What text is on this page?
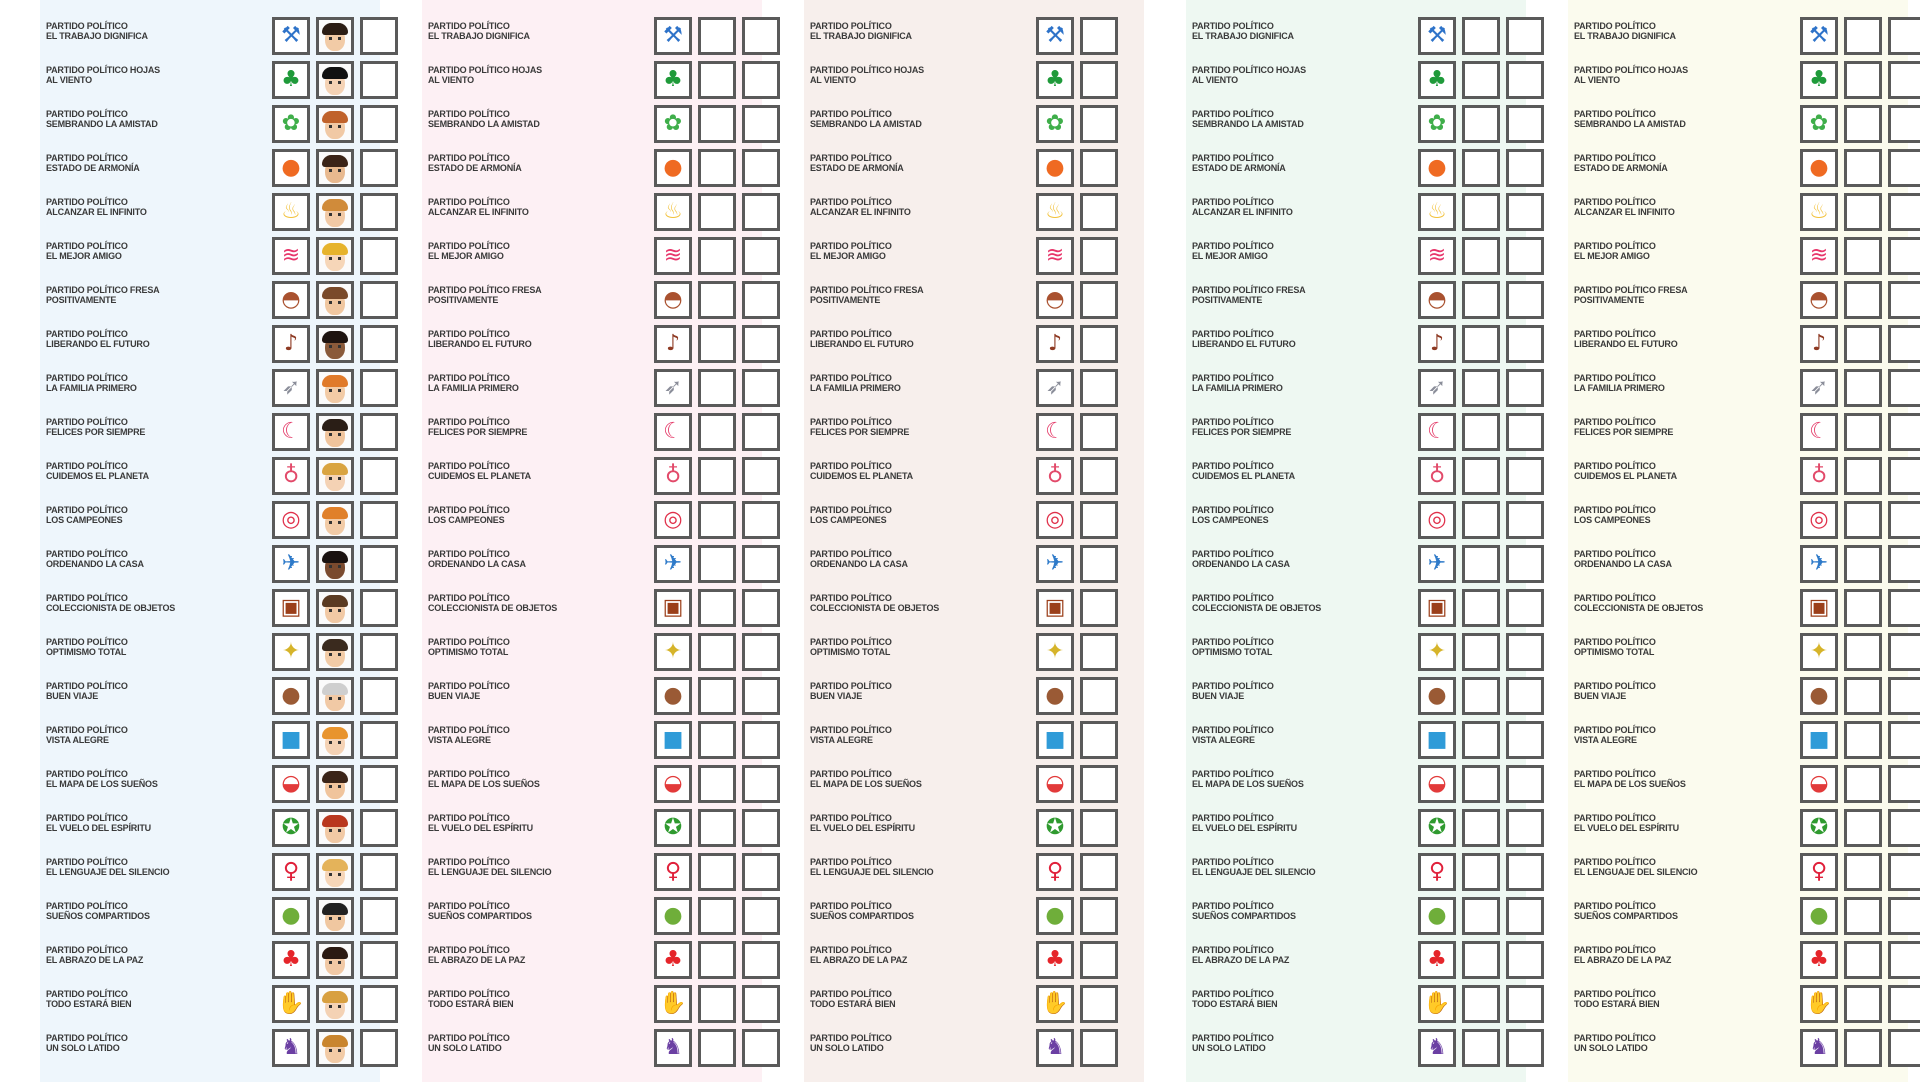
PARTIDO POLÍTICO
EL TRABAJO DIGNIFICA	⚒
PARTIDO POLÍTICO HOJAS
AL VIENTO	♣
PARTIDO POLÍTICO
SEMBRANDO LA AMISTAD	✿
PARTIDO POLÍTICO
ESTADO DE ARMONÍA	●
PARTIDO POLÍTICO
ALCANZAR EL INFINITO	♨
PARTIDO POLÍTICO
EL MEJOR AMIGO	≋
PARTIDO POLÍTICO FRESA
POSITIVAMENTE	◓
PARTIDO POLÍTICO
LIBERANDO EL FUTURO	♪
PARTIDO POLÍTICO
LA FAMILIA PRIMERO	➶
PARTIDO POLÍTICO
FELICES POR SIEMPRE	☾
PARTIDO POLÍTICO
CUIDEMOS EL PLANETA	♁
PARTIDO POLÍTICO
LOS CAMPEONES	◎
PARTIDO POLÍTICO
ORDENANDO LA CASA	✈
PARTIDO POLÍTICO
COLECCIONISTA DE OBJETOS	▣
PARTIDO POLÍTICO
OPTIMISMO TOTAL	✦
PARTIDO POLÍTICO
BUEN VIAJE	●
PARTIDO POLÍTICO
VISTA ALEGRE	■
PARTIDO POLÍTICO
EL MAPA DE LOS SUEÑOS	◒
PARTIDO POLÍTICO
EL VUELO DEL ESPÍRITU	✪
PARTIDO POLÍTICO
EL LENGUAJE DEL SILENCIO	♀
PARTIDO POLÍTICO
SUEÑOS COMPARTIDOS	●
PARTIDO POLÍTICO
EL ABRAZO DE LA PAZ	♣
PARTIDO POLÍTICO
TODO ESTARÁ BIEN	✋
PARTIDO POLÍTICO
UN SOLO LATIDO	♞
PARTIDO POLÍTICO
EL TRABAJO DIGNIFICA	⚒
PARTIDO POLÍTICO HOJAS
AL VIENTO	♣
PARTIDO POLÍTICO
SEMBRANDO LA AMISTAD	✿
PARTIDO POLÍTICO
ESTADO DE ARMONÍA	●
PARTIDO POLÍTICO
ALCANZAR EL INFINITO	♨
PARTIDO POLÍTICO
EL MEJOR AMIGO	≋
PARTIDO POLÍTICO FRESA
POSITIVAMENTE	◓
PARTIDO POLÍTICO
LIBERANDO EL FUTURO	♪
PARTIDO POLÍTICO
LA FAMILIA PRIMERO	➶
PARTIDO POLÍTICO
FELICES POR SIEMPRE	☾
PARTIDO POLÍTICO
CUIDEMOS EL PLANETA	♁
PARTIDO POLÍTICO
LOS CAMPEONES	◎
PARTIDO POLÍTICO
ORDENANDO LA CASA	✈
PARTIDO POLÍTICO
COLECCIONISTA DE OBJETOS	▣
PARTIDO POLÍTICO
OPTIMISMO TOTAL	✦
PARTIDO POLÍTICO
BUEN VIAJE	●
PARTIDO POLÍTICO
VISTA ALEGRE	■
PARTIDO POLÍTICO
EL MAPA DE LOS SUEÑOS	◒
PARTIDO POLÍTICO
EL VUELO DEL ESPÍRITU	✪
PARTIDO POLÍTICO
EL LENGUAJE DEL SILENCIO	♀
PARTIDO POLÍTICO
SUEÑOS COMPARTIDOS	●
PARTIDO POLÍTICO
EL ABRAZO DE LA PAZ	♣
PARTIDO POLÍTICO
TODO ESTARÁ BIEN	✋
PARTIDO POLÍTICO
UN SOLO LATIDO	♞
PARTIDO POLÍTICO
EL TRABAJO DIGNIFICA	⚒
PARTIDO POLÍTICO HOJAS
AL VIENTO	♣
PARTIDO POLÍTICO
SEMBRANDO LA AMISTAD	✿
PARTIDO POLÍTICO
ESTADO DE ARMONÍA	●
PARTIDO POLÍTICO
ALCANZAR EL INFINITO	♨
PARTIDO POLÍTICO
EL MEJOR AMIGO	≋
PARTIDO POLÍTICO FRESA
POSITIVAMENTE	◓
PARTIDO POLÍTICO
LIBERANDO EL FUTURO	♪
PARTIDO POLÍTICO
LA FAMILIA PRIMERO	➶
PARTIDO POLÍTICO
FELICES POR SIEMPRE	☾
PARTIDO POLÍTICO
CUIDEMOS EL PLANETA	♁
PARTIDO POLÍTICO
LOS CAMPEONES	◎
PARTIDO POLÍTICO
ORDENANDO LA CASA	✈
PARTIDO POLÍTICO
COLECCIONISTA DE OBJETOS	▣
PARTIDO POLÍTICO
OPTIMISMO TOTAL	✦
PARTIDO POLÍTICO
BUEN VIAJE	●
PARTIDO POLÍTICO
VISTA ALEGRE	■
PARTIDO POLÍTICO
EL MAPA DE LOS SUEÑOS	◒
PARTIDO POLÍTICO
EL VUELO DEL ESPÍRITU	✪
PARTIDO POLÍTICO
EL LENGUAJE DEL SILENCIO	♀
PARTIDO POLÍTICO
SUEÑOS COMPARTIDOS	●
PARTIDO POLÍTICO
EL ABRAZO DE LA PAZ	♣
PARTIDO POLÍTICO
TODO ESTARÁ BIEN	✋
PARTIDO POLÍTICO
UN SOLO LATIDO	♞
PARTIDO POLÍTICO
EL TRABAJO DIGNIFICA	⚒
PARTIDO POLÍTICO HOJAS
AL VIENTO	♣
PARTIDO POLÍTICO
SEMBRANDO LA AMISTAD	✿
PARTIDO POLÍTICO
ESTADO DE ARMONÍA	●
PARTIDO POLÍTICO
ALCANZAR EL INFINITO	♨
PARTIDO POLÍTICO
EL MEJOR AMIGO	≋
PARTIDO POLÍTICO FRESA
POSITIVAMENTE	◓
PARTIDO POLÍTICO
LIBERANDO EL FUTURO	♪
PARTIDO POLÍTICO
LA FAMILIA PRIMERO	➶
PARTIDO POLÍTICO
FELICES POR SIEMPRE	☾
PARTIDO POLÍTICO
CUIDEMOS EL PLANETA	♁
PARTIDO POLÍTICO
LOS CAMPEONES	◎
PARTIDO POLÍTICO
ORDENANDO LA CASA	✈
PARTIDO POLÍTICO
COLECCIONISTA DE OBJETOS	▣
PARTIDO POLÍTICO
OPTIMISMO TOTAL	✦
PARTIDO POLÍTICO
BUEN VIAJE	●
PARTIDO POLÍTICO
VISTA ALEGRE	■
PARTIDO POLÍTICO
EL MAPA DE LOS SUEÑOS	◒
PARTIDO POLÍTICO
EL VUELO DEL ESPÍRITU	✪
PARTIDO POLÍTICO
EL LENGUAJE DEL SILENCIO	♀
PARTIDO POLÍTICO
SUEÑOS COMPARTIDOS	●
PARTIDO POLÍTICO
EL ABRAZO DE LA PAZ	♣
PARTIDO POLÍTICO
TODO ESTARÁ BIEN	✋
PARTIDO POLÍTICO
UN SOLO LATIDO	♞
PARTIDO POLÍTICO
EL TRABAJO DIGNIFICA	⚒
PARTIDO POLÍTICO HOJAS
AL VIENTO	♣
PARTIDO POLÍTICO
SEMBRANDO LA AMISTAD	✿
PARTIDO POLÍTICO
ESTADO DE ARMONÍA	●
PARTIDO POLÍTICO
ALCANZAR EL INFINITO	♨
PARTIDO POLÍTICO
EL MEJOR AMIGO	≋
PARTIDO POLÍTICO FRESA
POSITIVAMENTE	◓
PARTIDO POLÍTICO
LIBERANDO EL FUTURO	♪
PARTIDO POLÍTICO
LA FAMILIA PRIMERO	➶
PARTIDO POLÍTICO
FELICES POR SIEMPRE	☾
PARTIDO POLÍTICO
CUIDEMOS EL PLANETA	♁
PARTIDO POLÍTICO
LOS CAMPEONES	◎
PARTIDO POLÍTICO
ORDENANDO LA CASA	✈
PARTIDO POLÍTICO
COLECCIONISTA DE OBJETOS	▣
PARTIDO POLÍTICO
OPTIMISMO TOTAL	✦
PARTIDO POLÍTICO
BUEN VIAJE	●
PARTIDO POLÍTICO
VISTA ALEGRE	■
PARTIDO POLÍTICO
EL MAPA DE LOS SUEÑOS	◒
PARTIDO POLÍTICO
EL VUELO DEL ESPÍRITU	✪
PARTIDO POLÍTICO
EL LENGUAJE DEL SILENCIO	♀
PARTIDO POLÍTICO
SUEÑOS COMPARTIDOS	●
PARTIDO POLÍTICO
EL ABRAZO DE LA PAZ	♣
PARTIDO POLÍTICO
TODO ESTARÁ BIEN	✋
PARTIDO POLÍTICO
UN SOLO LATIDO	♞
